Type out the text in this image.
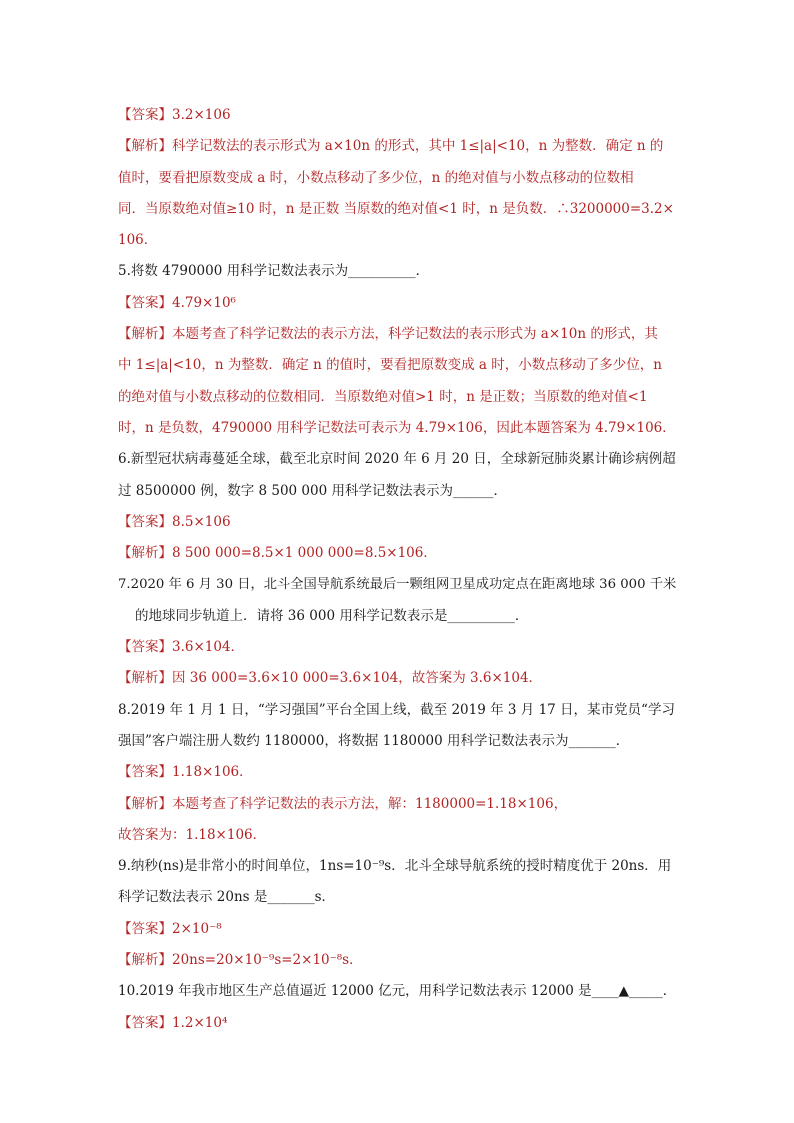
【答案】3.2×106
【解析】科学记数法的表示形式为 a×10n 的形式，其中 1≤|a|<10，n 为整数．确定 n 的
值时，要看把原数变成 a 时，小数点移动了多少位，n 的绝对值与小数点移动的位数相
同．当原数绝对值≥10 时，n 是正数 当原数的绝对值<1 时，n 是负数．∴3200000=3.2×
106．
5.将数 4790000 用科学记数法表示为__________．
【答案】4.79×10⁶
【解析】本题考查了科学记数法的表示方法，科学记数法的表示形式为 a×10n 的形式，其
中 1≤|a|<10，n 为整数．确定 n 的值时，要看把原数变成 a 时，小数点移动了多少位，n
的绝对值与小数点移动的位数相同．当原数绝对值>1 时，n 是正数；当原数的绝对值<1
时，n 是负数，4790000 用科学记数法可表示为 4.79×106，因此本题答案为 4.79×106．
6.新型冠状病毒蔓延全球，截至北京时间 2020 年 6 月 20 日，全球新冠肺炎累计确诊病例超
过 8500000 例，数字 8 500 000 用科学记数法表示为______．
【答案】8.5×106
【解析】8 500 000=8.5×1 000 000=8.5×106．
7.2020 年 6 月 30 日，北斗全国导航系统最后一颗组网卫星成功定点在距离地球 36 000 千米
的地球同步轨道上．请将 36 000 用科学记数表示是__________．
【答案】3.6×104．
【解析】因 36 000=3.6×10 000=3.6×104，故答案为 3.6×104．
8.2019 年 1 月 1 日，“学习强国”平台全国上线，截至 2019 年 3 月 17 日，某市党员“学习
强国”客户端注册人数约 1180000，将数据 1180000 用科学记数法表示为_______．
【答案】1.18×106．
【解析】本题考查了科学记数法的表示方法，解：1180000=1.18×106，
故答案为：1.18×106．
9.纳秒(ns)是非常小的时间单位，1ns=10⁻⁹s．北斗全球导航系统的授时精度优于 20ns．用
科学记数法表示 20ns 是_______s．
【答案】2×10⁻⁸
【解析】20ns=20×10⁻⁹s=2×10⁻⁸s．
10.2019 年我市地区生产总值逼近 12000 亿元，用科学记数法表示 12000 是____▲_____．
【答案】1.2×10⁴
